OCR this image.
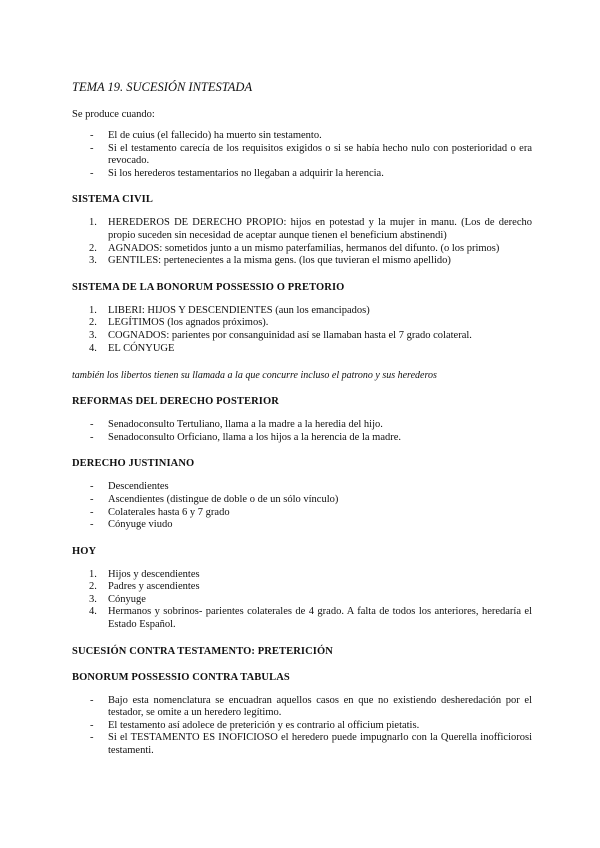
TEMA 19. SUCESIÓN INTESTADA

Se produce cuando:

- El de cuius (el fallecido) ha muerto sin testamento.
- Si el testamento carecía de los requisitos exigidos o si se había hecho nulo con posterioridad o era revocado.
- Si los herederos testamentarios no llegaban a adquirir la herencia.
SISTEMA CIVIL
1. HEREDEROS DE DERECHO PROPIO: hijos en potestad y la mujer in manu. (Los de derecho propio suceden sin necesidad de aceptar aunque tienen el beneficium abstinendi)
2. AGNADOS: sometidos junto a un mismo paterfamilias, hermanos del difunto. (o los primos)
3. GENTILES: pertenecientes a la misma gens. (los que tuvieran el mismo apellido)
SISTEMA DE LA BONORUM POSSESSIO O PRETORIO
1. LIBERI: HIJOS Y DESCENDIENTES (aun los emancipados)
2. LEGÍTIMOS (los agnados próximos).
3. COGNADOS: parientes por consanguinidad así se llamaban hasta el 7 grado colateral.
4. EL CÓNYUGE

también los libertos tienen su llamada a la que concurre incluso el patrono y sus herederos

REFORMAS DEL DERECHO POSTERIOR
- Senadoconsulto Tertuliano, llama a la madre a la heredia del hijo.
- Senadoconsulto Orficiano, llama a los hijos a la herencia de la madre.
DERECHO JUSTINIANO
- Descendientes
- Ascendientes (distingue de doble o de un sólo vínculo)
- Colaterales hasta 6 y 7 grado
- Cónyuge viudo
HOY
1. Hijos y descendientes
2. Padres y ascendientes
3. Cónyuge
4. Hermanos y sobrinos- parientes colaterales de 4 grado. A falta de todos los anteriores, heredaría el Estado Español.
SUCESIÓN CONTRA TESTAMENTO: PRETERICIÓN
BONORUM POSSESSIO CONTRA TABULAS
- Bajo esta nomenclatura se encuadran aquellos casos en que no existiendo desheredación por el testador, se omite a un heredero legítimo.
- El testamento así adolece de preterición y es contrario al officium pietatis.
- Si el TESTAMENTO ES INOFICIOSO el heredero puede impugnarlo con la Querella inofficiorosi testamenti.
